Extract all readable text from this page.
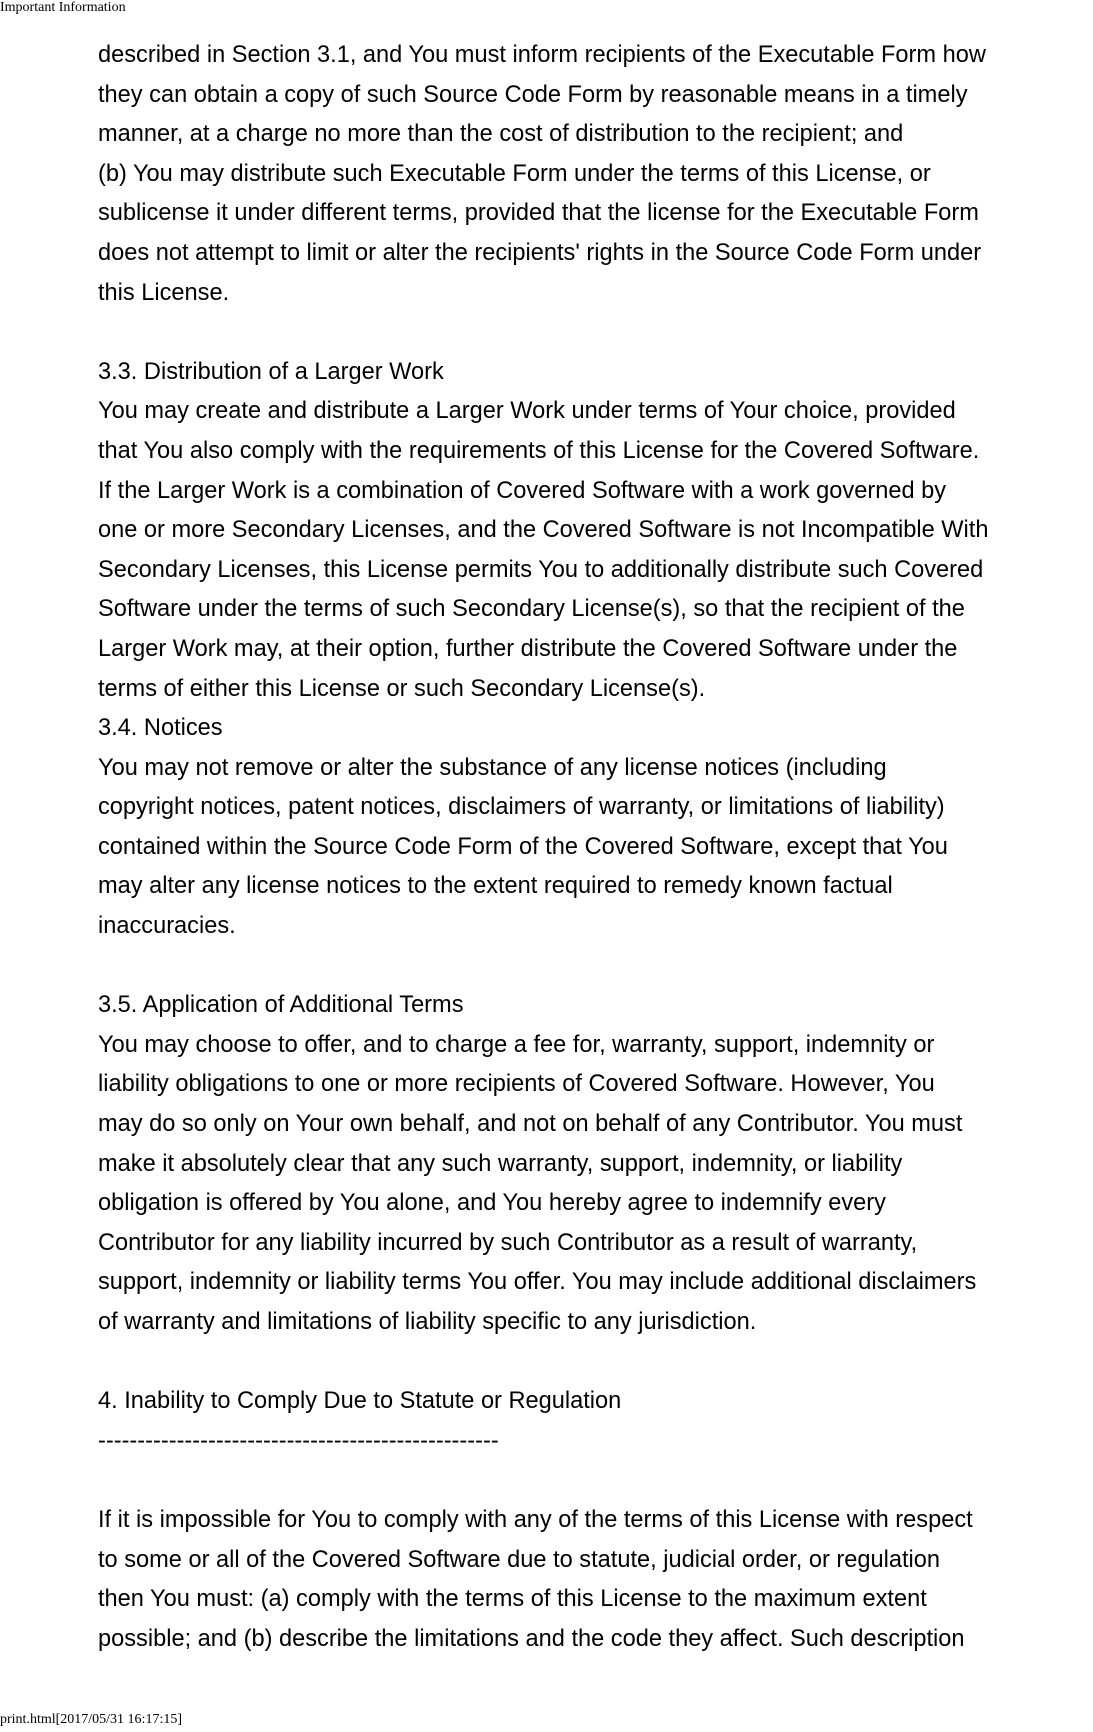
Important Information
described in Section 3.1, and You must inform recipients of the Executable Form how
they can obtain a copy of such Source Code Form by reasonable means in a timely
manner, at a charge no more than the cost of distribution to the recipient; and
(b) You may distribute such Executable Form under the terms of this License, or
sublicense it under different terms, provided that the license for the Executable Form
does not attempt to limit or alter the recipients' rights in the Source Code Form under
this License.
3.3. Distribution of a Larger Work
You may create and distribute a Larger Work under terms of Your choice, provided
that You also comply with the requirements of this License for the Covered Software.
If the Larger Work is a combination of Covered Software with a work governed by
one or more Secondary Licenses, and the Covered Software is not Incompatible With
Secondary Licenses, this License permits You to additionally distribute such Covered
Software under the terms of such Secondary License(s), so that the recipient of the
Larger Work may, at their option, further distribute the Covered Software under the
terms of either this License or such Secondary License(s).
3.4. Notices
You may not remove or alter the substance of any license notices (including
copyright notices, patent notices, disclaimers of warranty, or limitations of liability)
contained within the Source Code Form of the Covered Software, except that You
may alter any license notices to the extent required to remedy known factual
inaccuracies.
3.5. Application of Additional Terms
You may choose to offer, and to charge a fee for, warranty, support, indemnity or
liability obligations to one or more recipients of Covered Software. However, You
may do so only on Your own behalf, and not on behalf of any Contributor. You must
make it absolutely clear that any such warranty, support, indemnity, or liability
obligation is offered by You alone, and You hereby agree to indemnify every
Contributor for any liability incurred by such Contributor as a result of warranty,
support, indemnity or liability terms You offer. You may include additional disclaimers
of warranty and limitations of liability specific to any jurisdiction.
4. Inability to Comply Due to Statute or Regulation
---------------------------------------------------
If it is impossible for You to comply with any of the terms of this License with respect
to some or all of the Covered Software due to statute, judicial order, or regulation
then You must: (a) comply with the terms of this License to the maximum extent
possible; and (b) describe the limitations and the code they affect. Such description
print.html[2017/05/31 16:17:15]
